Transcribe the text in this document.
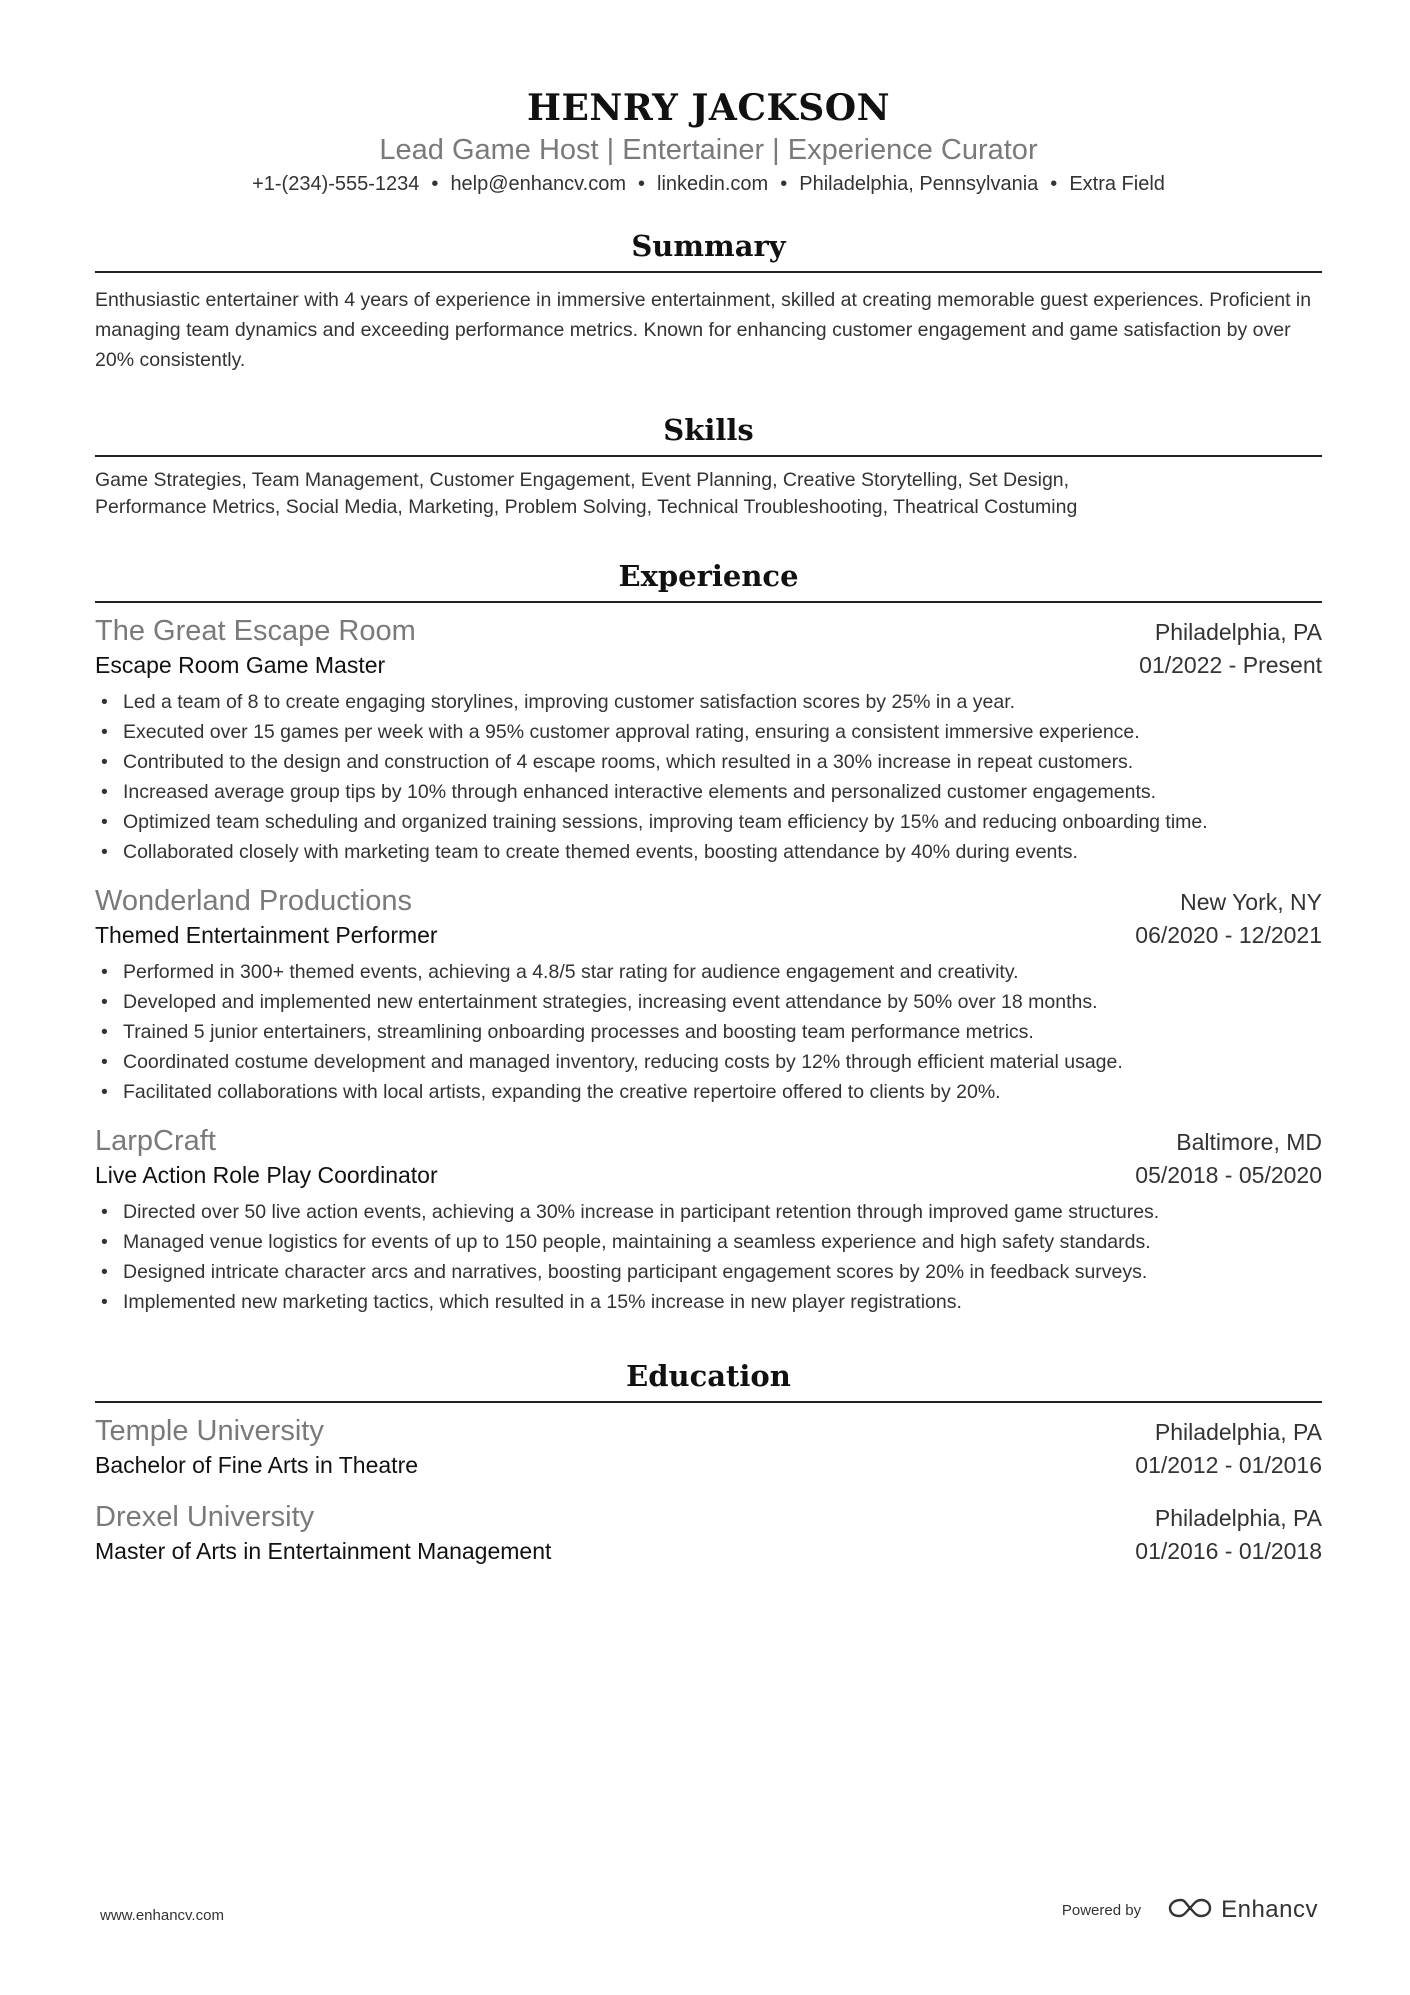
HENRY JACKSON
Lead Game Host | Entertainer | Experience Curator
+1-(234)-555-1234 • help@enhancv.com • linkedin.com • Philadelphia, Pennsylvania • Extra Field
Summary
Enthusiastic entertainer with 4 years of experience in immersive entertainment, skilled at creating memorable guest experiences. Proficient in managing team dynamics and exceeding performance metrics. Known for enhancing customer engagement and game satisfaction by over 20% consistently.
Skills
Game Strategies, Team Management, Customer Engagement, Event Planning, Creative Storytelling, Set Design,
Performance Metrics, Social Media, Marketing, Problem Solving, Technical Troubleshooting, Theatrical Costuming
Experience
The Great Escape Room	Philadelphia, PA
Escape Room Game Master	01/2022 - Present
• Led a team of 8 to create engaging storylines, improving customer satisfaction scores by 25% in a year.
• Executed over 15 games per week with a 95% customer approval rating, ensuring a consistent immersive experience.
• Contributed to the design and construction of 4 escape rooms, which resulted in a 30% increase in repeat customers.
• Increased average group tips by 10% through enhanced interactive elements and personalized customer engagements.
• Optimized team scheduling and organized training sessions, improving team efficiency by 15% and reducing onboarding time.
• Collaborated closely with marketing team to create themed events, boosting attendance by 40% during events.
Wonderland Productions	New York, NY
Themed Entertainment Performer	06/2020 - 12/2021
• Performed in 300+ themed events, achieving a 4.8/5 star rating for audience engagement and creativity.
• Developed and implemented new entertainment strategies, increasing event attendance by 50% over 18 months.
• Trained 5 junior entertainers, streamlining onboarding processes and boosting team performance metrics.
• Coordinated costume development and managed inventory, reducing costs by 12% through efficient material usage.
• Facilitated collaborations with local artists, expanding the creative repertoire offered to clients by 20%.
LarpCraft	Baltimore, MD
Live Action Role Play Coordinator	05/2018 - 05/2020
• Directed over 50 live action events, achieving a 30% increase in participant retention through improved game structures.
• Managed venue logistics for events of up to 150 people, maintaining a seamless experience and high safety standards.
• Designed intricate character arcs and narratives, boosting participant engagement scores by 20% in feedback surveys.
• Implemented new marketing tactics, which resulted in a 15% increase in new player registrations.
Education
Temple University	Philadelphia, PA
Bachelor of Fine Arts in Theatre	01/2012 - 01/2016
Drexel University	Philadelphia, PA
Master of Arts in Entertainment Management	01/2016 - 01/2018
www.enhancv.com	Powered by	Enhancv
